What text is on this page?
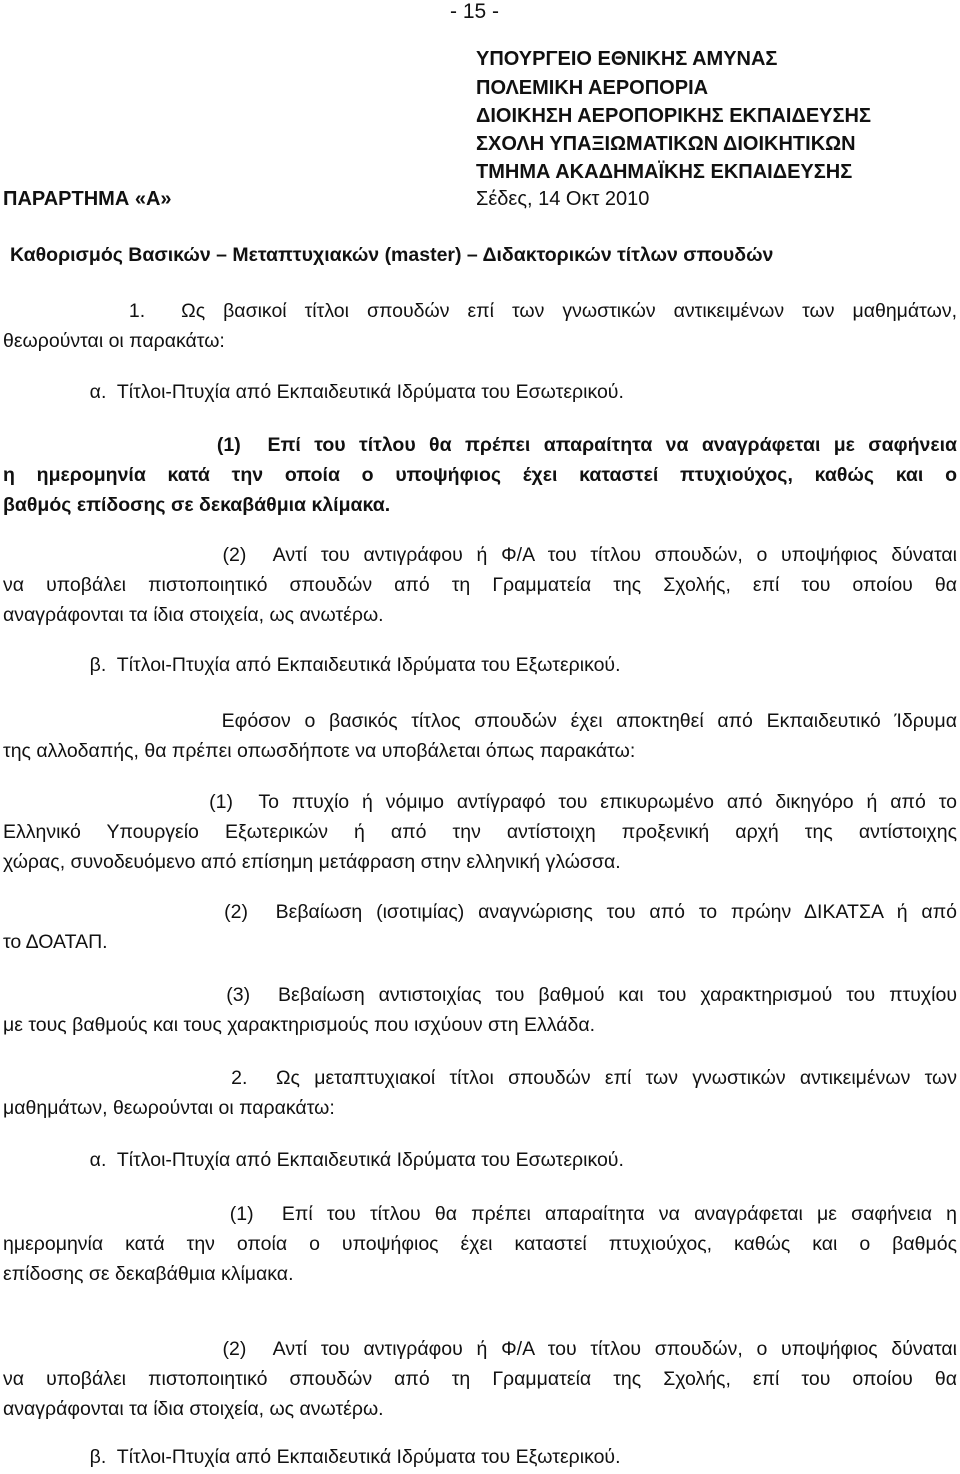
- 15 -
ΥΠΟΥΡΓΕΙΟ ΕΘΝΙΚΗΣ ΑΜΥΝΑΣ
ΠΟΛΕΜΙΚΗ ΑΕΡΟΠΟΡΙΑ
ΔΙΟΙΚΗΣΗ ΑΕΡΟΠΟΡΙΚΗΣ ΕΚΠΑΙΔΕΥΣΗΣ
ΣΧΟΛΗ ΥΠΑΞΙΩΜΑΤΙΚΩΝ ΔΙΟΙΚΗΤΙΚΩΝ
ΤΜΗΜΑ ΑΚΑΔΗΜΑΪΚΗΣ ΕΚΠΑΙΔΕΥΣΗΣ
ΠΑΡΑΡΤΗΜΑ «Α»	Σέδες, 14 Οκτ 2010
Καθορισμός Βασικών – Μεταπτυχιακών (master) – Διδακτορικών τίτλων σπουδών
1.  Ως βασικοί τίτλοι σπουδών επί των γνωστικών αντικειμένων των μαθημάτων,
θεωρούνται οι παρακάτω:
α.  Τίτλοι-Πτυχία από Εκπαιδευτικά Ιδρύματα του Εσωτερικού.
(1)  Επί του τίτλου θα πρέπει απαραίτητα να αναγράφεται με σαφήνεια
η ημερομηνία κατά την οποία ο υποψήφιος έχει καταστεί πτυχιούχος, καθώς και ο
βαθμός επίδοσης σε δεκαβάθμια κλίμακα.
(2)  Αντί του αντιγράφου ή Φ/Α του τίτλου σπουδών, ο υποψήφιος δύναται
να υποβάλει πιστοποιητικό σπουδών από τη Γραμματεία της Σχολής, επί του οποίου θα
αναγράφονται τα ίδια στοιχεία, ως ανωτέρω.
β.  Τίτλοι-Πτυχία από Εκπαιδευτικά Ιδρύματα του Εξωτερικού.
Εφόσον ο βασικός τίτλος σπουδών έχει αποκτηθεί από Εκπαιδευτικό Ίδρυμα
της αλλοδαπής, θα πρέπει οπωσδήποτε να υποβάλεται όπως παρακάτω:
(1)  Το πτυχίο ή νόμιμο αντίγραφό του επικυρωμένο από δικηγόρο ή από το
Ελληνικό Υπουργείο Εξωτερικών ή από την αντίστοιχη προξενική αρχή της αντίστοιχης
χώρας, συνοδευόμενο από επίσημη μετάφραση στην ελληνική γλώσσα.
(2)  Βεβαίωση (ισοτιμίας) αναγνώρισης του από το πρώην ΔΙΚΑΤΣΑ ή από
το ΔΟΑΤΑΠ.
(3)  Βεβαίωση αντιστοιχίας του βαθμού και του χαρακτηρισμού του πτυχίου
με τους βαθμούς και τους χαρακτηρισμούς που ισχύουν στη Ελλάδα.
2.  Ως μεταπτυχιακοί τίτλοι σπουδών επί των γνωστικών αντικειμένων των
μαθημάτων, θεωρούνται οι παρακάτω:
α.  Τίτλοι-Πτυχία από Εκπαιδευτικά Ιδρύματα του Εσωτερικού.
(1)  Επί του τίτλου θα πρέπει απαραίτητα να αναγράφεται με σαφήνεια η
ημερομηνία κατά την οποία ο υποψήφιος έχει καταστεί πτυχιούχος, καθώς και ο βαθμός
επίδοσης σε δεκαβάθμια κλίμακα.
(2)  Αντί του αντιγράφου ή Φ/Α του τίτλου σπουδών, ο υποψήφιος δύναται
να υποβάλει πιστοποιητικό σπουδών από τη Γραμματεία της Σχολής, επί του οποίου θα
αναγράφονται τα ίδια στοιχεία, ως ανωτέρω.
β.  Τίτλοι-Πτυχία από Εκπαιδευτικά Ιδρύματα του Εξωτερικού.
